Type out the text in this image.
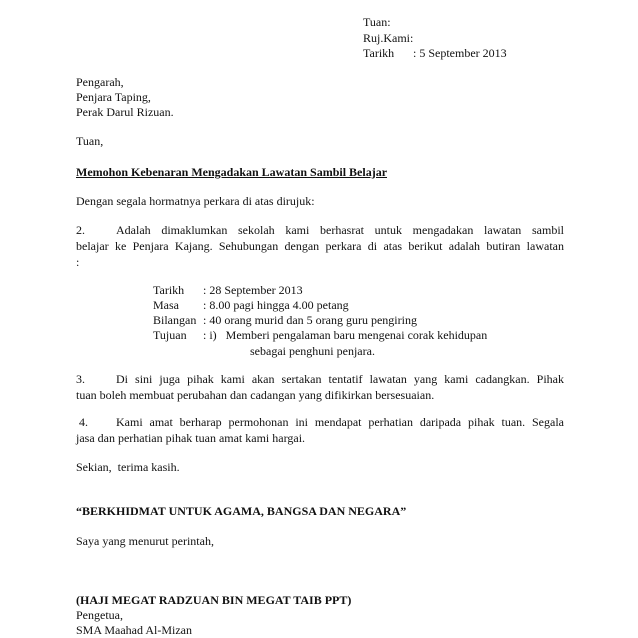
Tuan:
Ruj.Kami:
Tarikh : 5 September 2013
Pengarah,
Penjara Taping,
Perak Darul Rizuan.
Tuan,
Memohon Kebenaran Mengadakan Lawatan Sambil Belajar
Dengan segala hormatnya perkara di atas dirujuk:
2.	Adalah dimaklumkan sekolah kami berhasrat untuk mengadakan lawatan sambil
belajar ke Penjara Kajang. Sehubungan dengan perkara di atas berikut adalah butiran lawatan
:
Tarikh : 28 September 2013
Masa : 8.00 pagi hingga 4.00 petang
Bilangan : 40 orang murid dan 5 orang guru pengiring
Tujuan : i)   Memberi pengalaman baru mengenai corak kehidupan
sebagai penghuni penjara.
3.	Di sini juga pihak kami akan sertakan tentatif lawatan yang kami cadangkan. Pihak
tuan boleh membuat perubahan dan cadangan yang difikirkan bersesuaian.
4. Kami amat berharap permohonan ini mendapat perhatian daripada pihak tuan. Segala
jasa dan perhatian pihak tuan amat kami hargai.
Sekian,  terima kasih.
“BERKHIDMAT UNTUK AGAMA, BANGSA DAN NEGARA”
Saya yang menurut perintah,
(HAJI MEGAT RADZUAN BIN MEGAT TAIB PPT)
Pengetua,
SMA Maahad Al-Mizan
